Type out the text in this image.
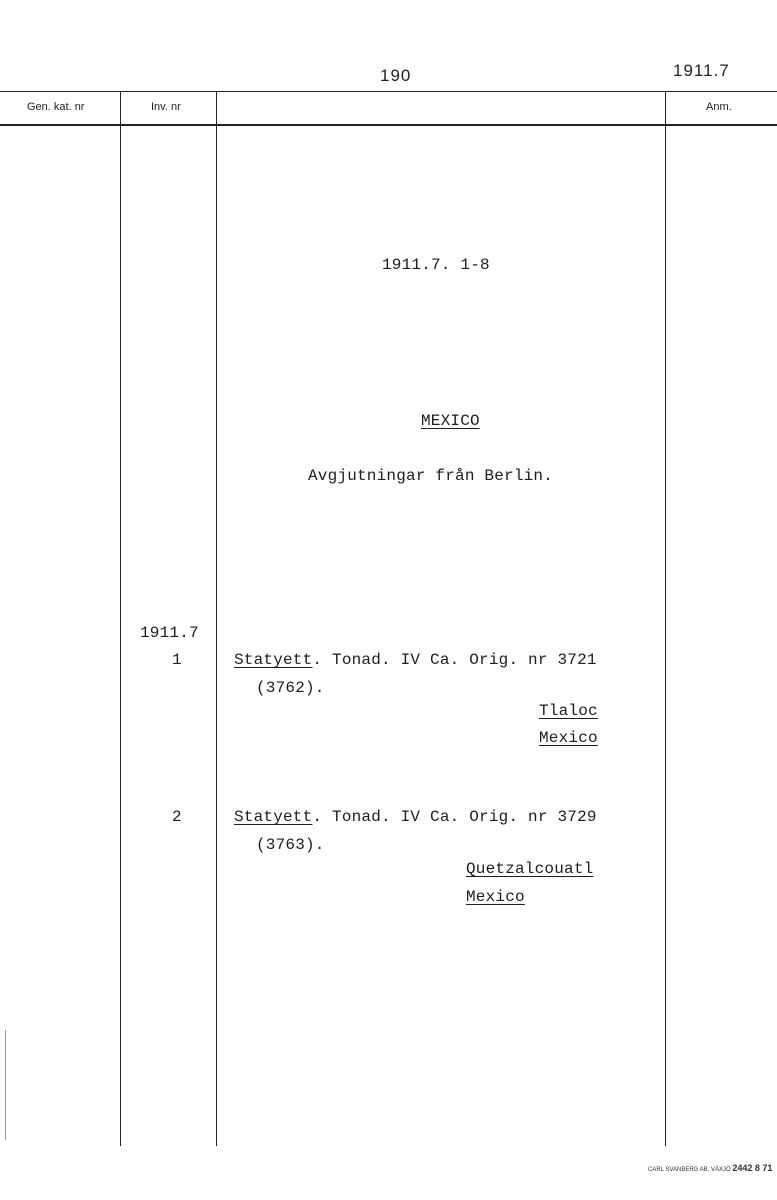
190	1911.7
Gen. kat. nr	Inv. nr	Anm.
1911.7. 1-8
MEXICO
Avgjutningar från Berlin.
1911.7
1	Statyett. Tonad. IV Ca. Orig. nr 3721
(3762).
Tlaloc
Mexico
2	Statyett. Tonad. IV Ca. Orig. nr 3729
(3763).
Quetzalcouatl
Mexico
CARL SVANBERG AB, VÄXJÖ 2442 8 71
